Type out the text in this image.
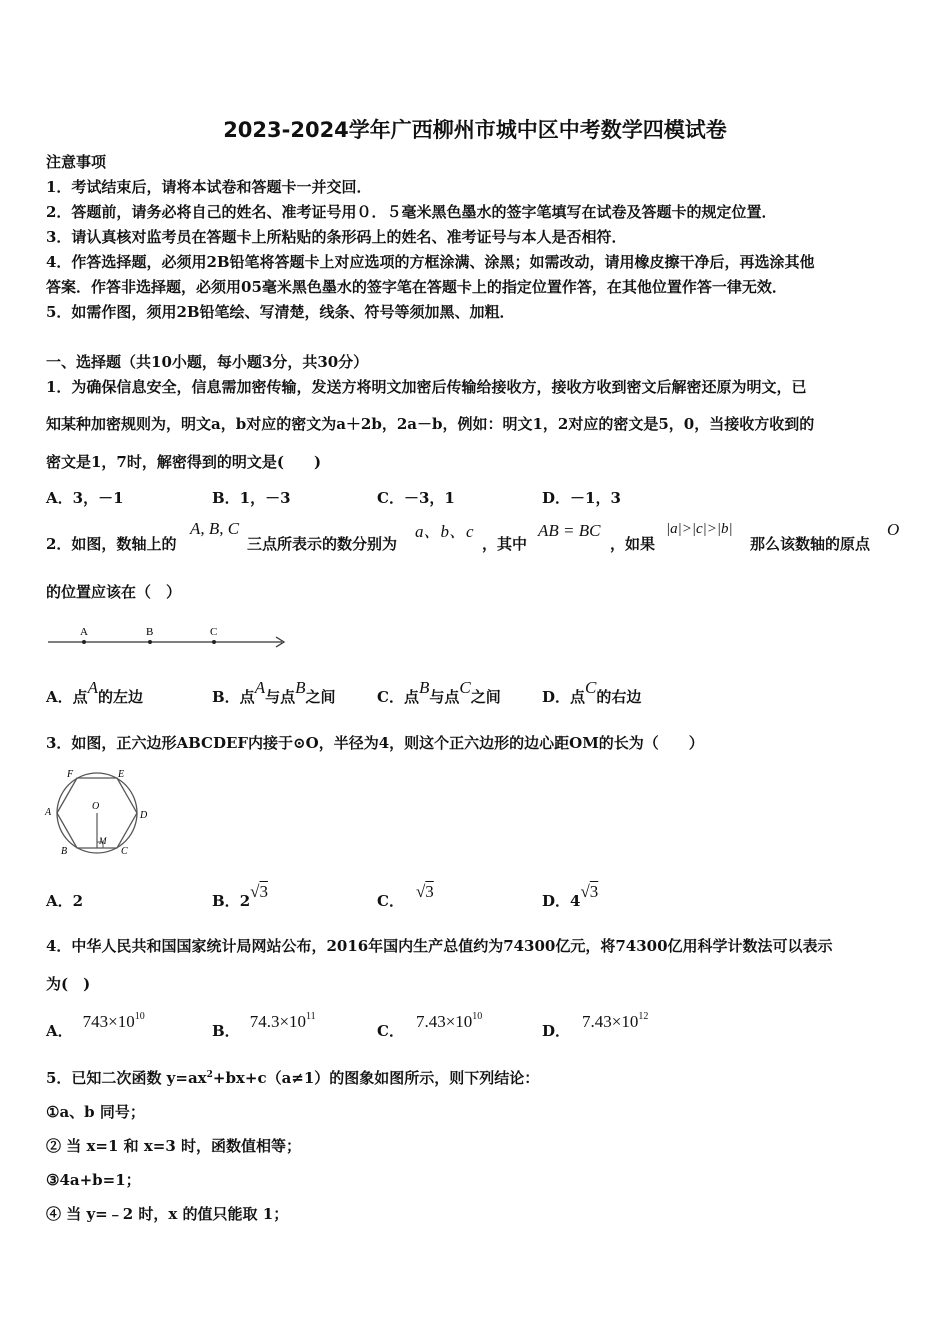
2023-2024学年广西柳州市城中区中考数学四模试卷
注意事项
1．考试结束后，请将本试卷和答题卡一并交回．
2．答题前，请务必将自己的姓名、准考证号用０．５毫米黑色墨水的签字笔填写在试卷及答题卡的规定位置．
3．请认真核对监考员在答题卡上所粘贴的条形码上的姓名、准考证号与本人是否相符．
4．作答选择题，必须用2B铅笔将答题卡上对应选项的方框涂满、涂黑；如需改动，请用橡皮擦干净后，再选涂其他
答案．作答非选择题，必须用05毫米黑色墨水的签字笔在答题卡上的指定位置作答，在其他位置作答一律无效．
5．如需作图，须用2B铅笔绘、写清楚，线条、符号等须加黑、加粗．
一、选择题（共10小题，每小题3分，共30分）
1．为确保信息安全，信息需加密传输，发送方将明文加密后传输给接收方，接收方收到密文后解密还原为明文，已
知某种加密规则为，明文a，b对应的密文为a＋2b，2a－b，例如：明文1，2对应的密文是5，0，当接收方收到的
密文是1，7时，解密得到的明文是(　　)
A．3，－1	B．1，－3	C．－3，1	D．－1，3
2．如图，数轴上的
A, B, C
三点所表示的数分别为
a、b、c
，其中
AB = BC
，如果
|a|>|c|>|b|
那么该数轴的原点
O
的位置应该在（　）
A	B	C
A．点A的左边	B．点A与点B之间	C．点B与点C之间	D．点C的右边
3．如图，正六边形ABCDEF内接于⊙O，半径为4，则这个正六边形的边心距OM的长为（　　）
F	E
A
O
D
M
B	C
A．2	B．2√3	C． √3	D．4√3
4．中华人民共和国国家统计局网站公布，2016年国内生产总值约为74300亿元，将74300亿用科学计数法可以表示
为(　)
A． $743\times 10^{10}$
B． $74.3\times 10^{11}$
C． $7.43\times 10^{10}$
D． $7.43\times 10^{12}$
5．已知二次函数 $y=ax^2+bx+c(a\ne 1)$的图象如图所示，则下列结论：
①a、b 同号；
② 当 x=1 和 x=3 时，函数值相等；
③4a+b=1；
④ 当 y=﹣2 时，x 的值只能取 1；
